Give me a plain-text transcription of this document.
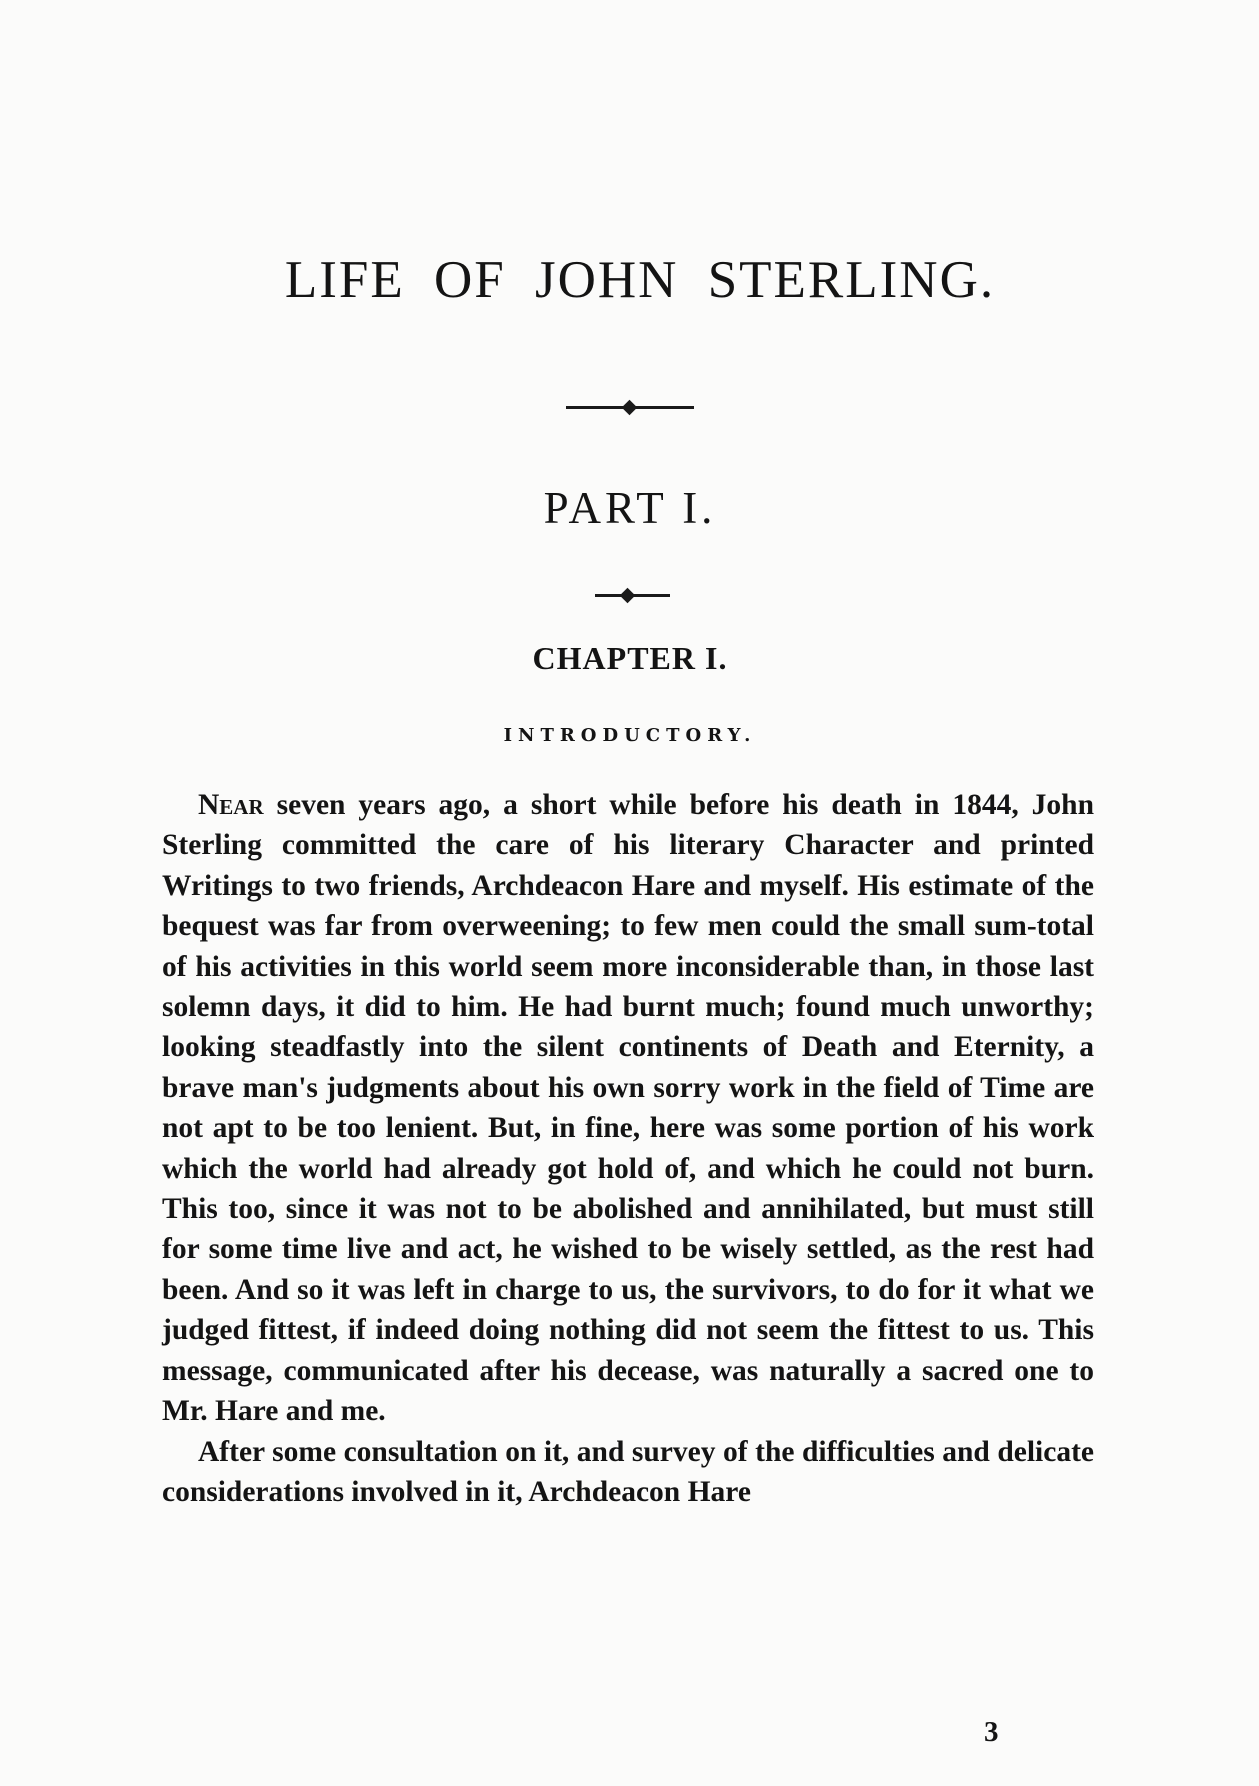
LIFE OF JOHN STERLING.
PART I.
CHAPTER I.
INTRODUCTORY.

Near seven years ago, a short while before his death in 1844, John Sterling committed the care of his literary Character and printed Writings to two friends, Archdeacon Hare and myself. His estimate of the bequest was far from overweening; to few men could the small sum-total of his activities in this world seem more inconsiderable than, in those last solemn days, it did to him. He had burnt much; found much unworthy; looking steadfastly into the silent continents of Death and Eternity, a brave man's judgments about his own sorry work in the field of Time are not apt to be too lenient. But, in fine, here was some portion of his work which the world had already got hold of, and which he could not burn. This too, since it was not to be abolished and annihilated, but must still for some time live and act, he wished to be wisely settled, as the rest had been. And so it was left in charge to us, the survivors, to do for it what we judged fittest, if indeed doing nothing did not seem the fittest to us. This message, communicated after his decease, was naturally a sacred one to Mr. Hare and me.

After some consultation on it, and survey of the difficulties and delicate considerations involved in it, Archdeacon Hare

3
